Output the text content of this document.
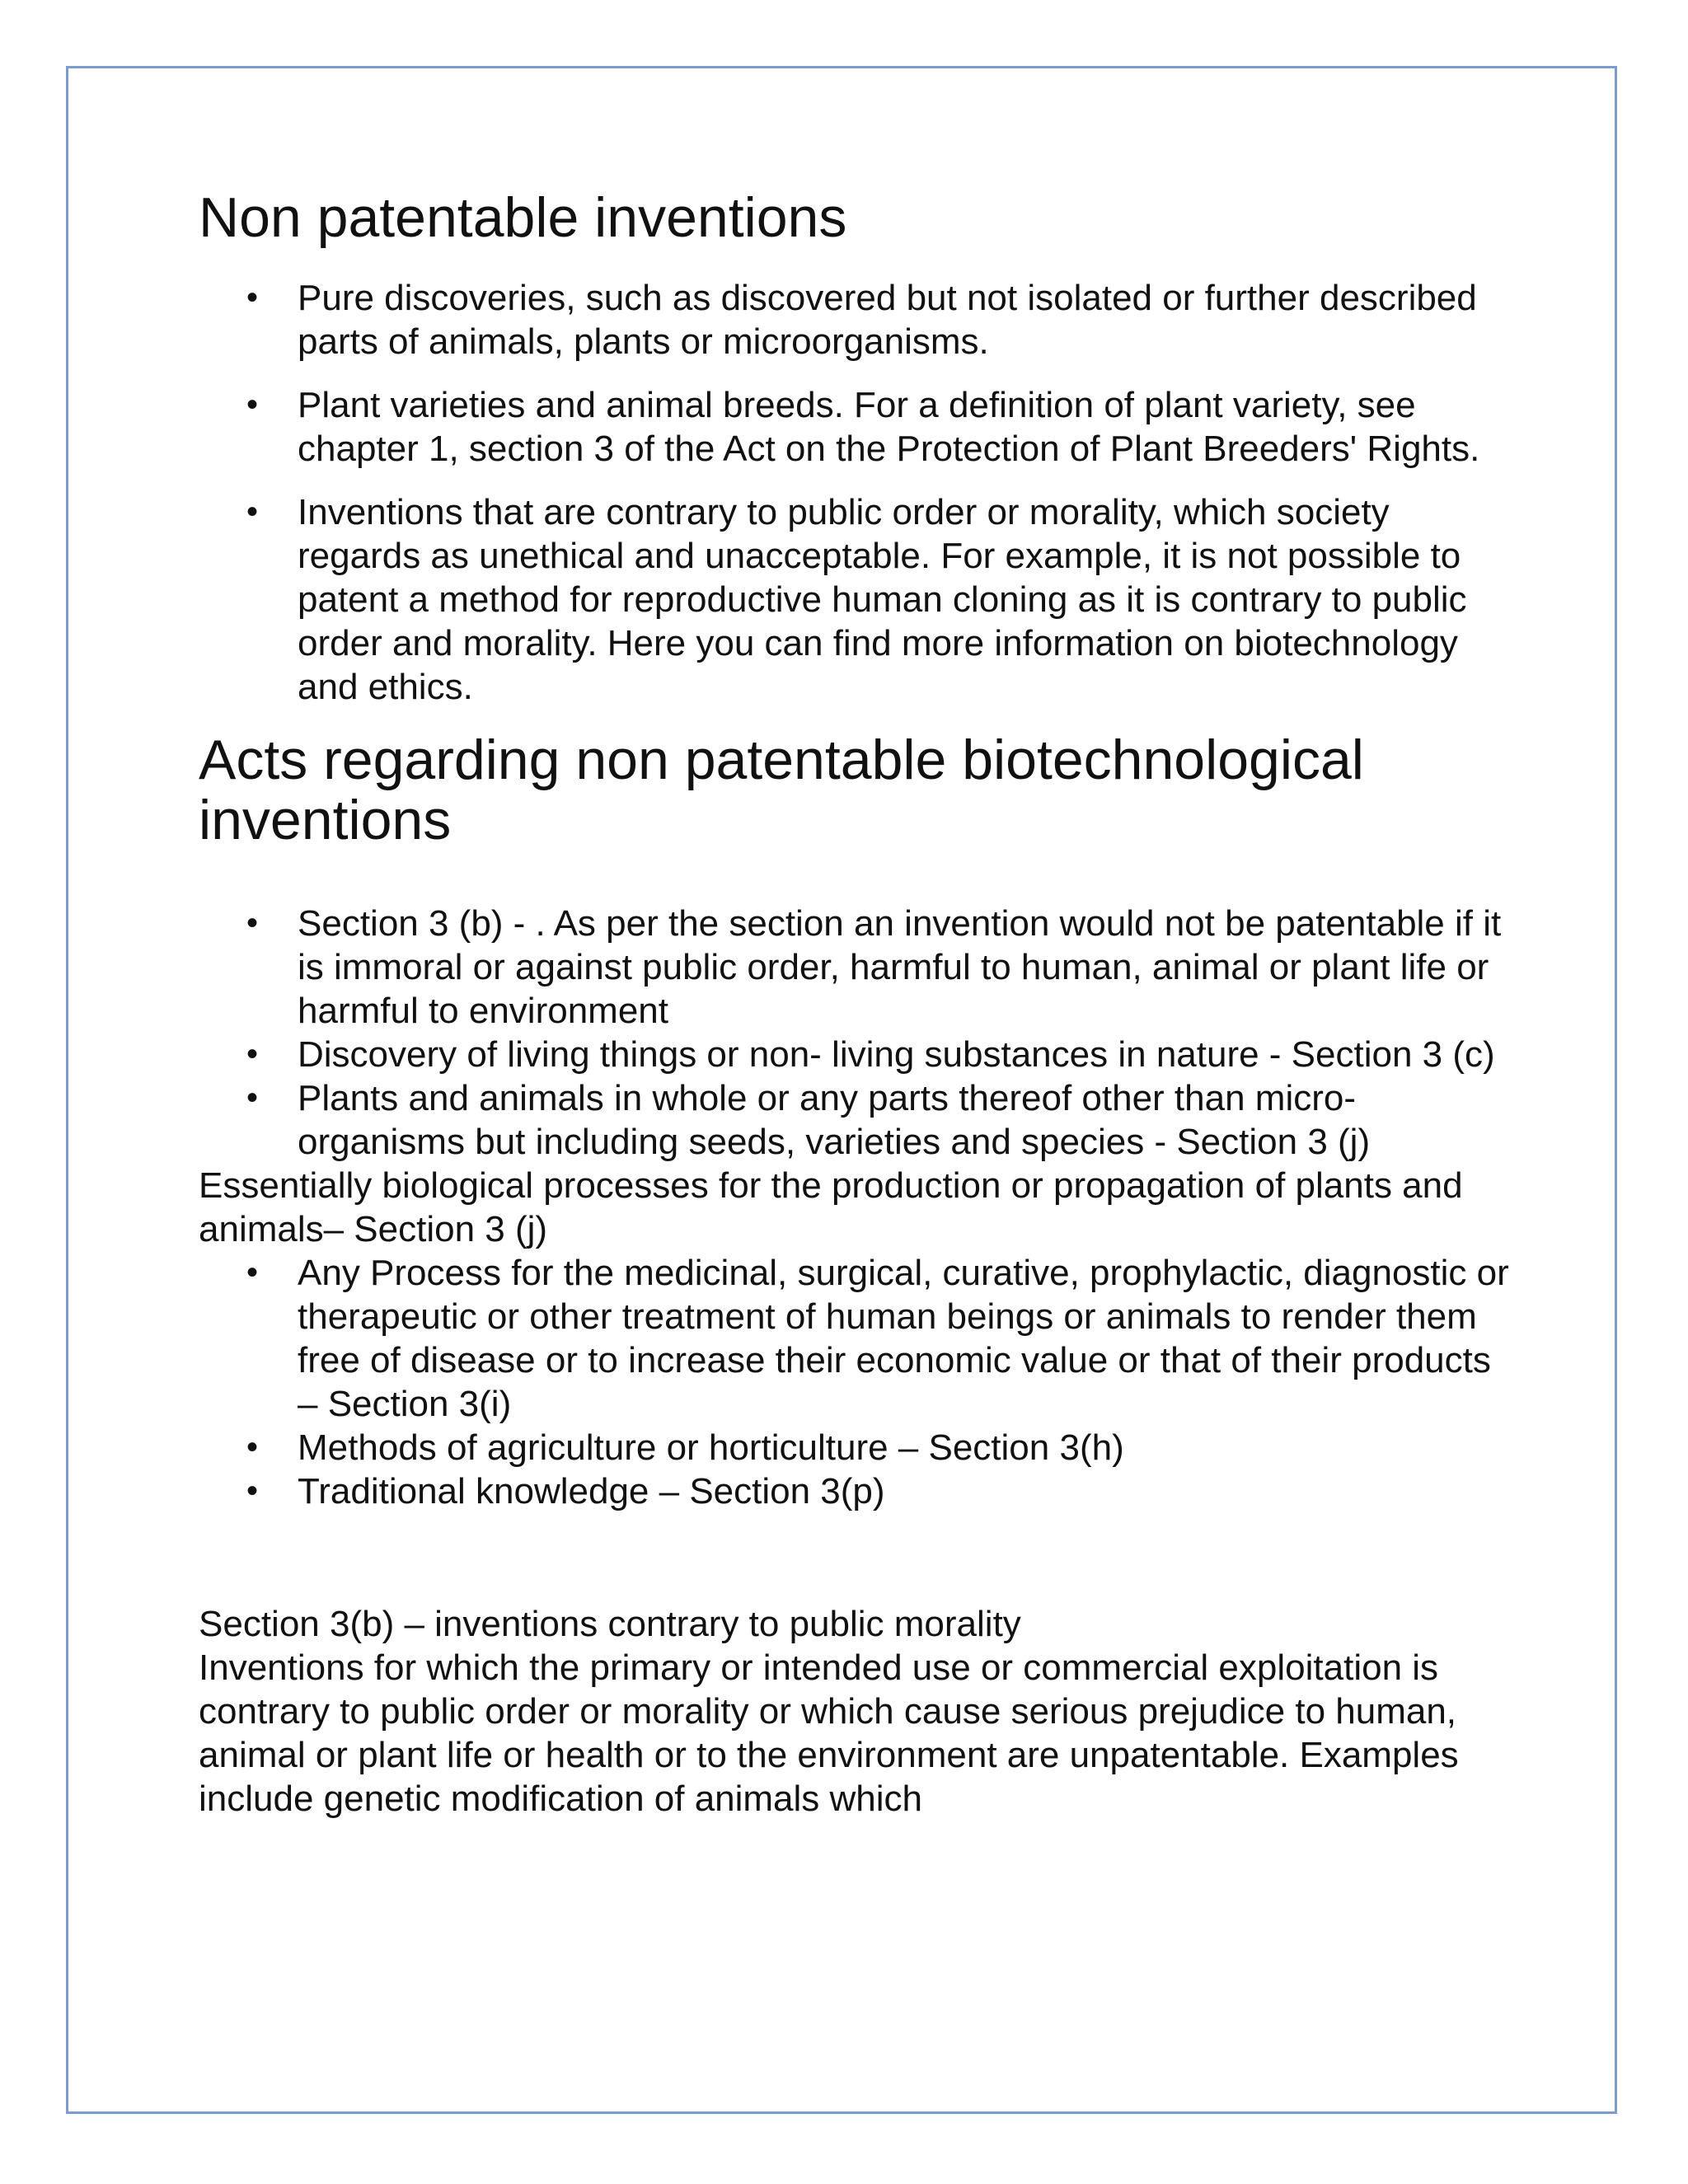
Non patentable inventions
• Pure discoveries, such as discovered but not isolated or further described parts of animals, plants or microorganisms.
• Plant varieties and animal breeds. For a definition of plant variety, see chapter 1, section 3 of the Act on the Protection of Plant Breeders' Rights.
• Inventions that are contrary to public order or morality, which society regards as unethical and unacceptable. For example, it is not possible to patent a method for reproductive human cloning as it is contrary to public order and morality. Here you can find more information on biotechnology and ethics.
Acts regarding non patentable biotechnological inventions
• Section 3 (b) - . As per the section an invention would not be patentable if it is immoral or against public order, harmful to human, animal or plant life or harmful to environment
• Discovery of living things or non- living substances in nature - Section 3 (c)
• Plants and animals in whole or any parts thereof other than micro-organisms but including seeds, varieties and species - Section 3 (j)

Essentially biological processes for the production or propagation of plants and animals– Section 3 (j)

• Any Process for the medicinal, surgical, curative, prophylactic, diagnostic or therapeutic or other treatment of human beings or animals to render them free of disease or to increase their economic value or that of their products – Section 3(i)
• Methods of agriculture or horticulture – Section 3(h)
• Traditional knowledge – Section 3(p)

Section 3(b) – inventions contrary to public morality

Inventions for which the primary or intended use or commercial exploitation is contrary to public order or morality or which cause serious prejudice to human, animal or plant life or health or to the environment are unpatentable. Examples include genetic modification of animals which
